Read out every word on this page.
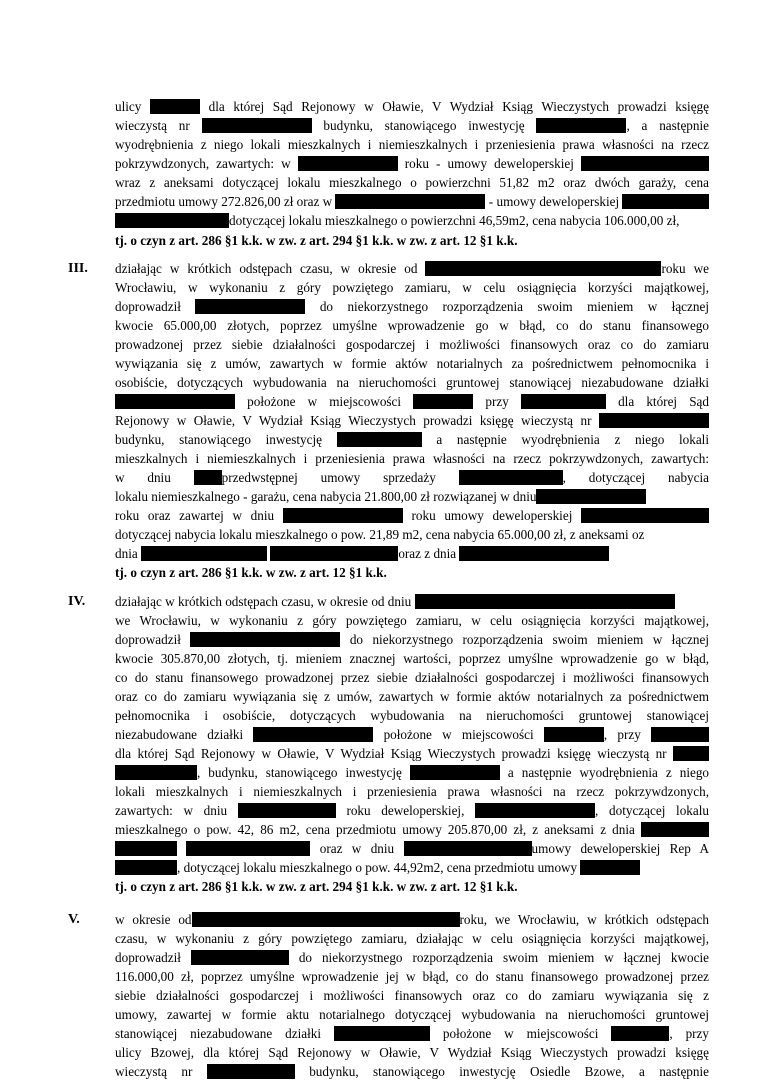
ulicy	dla której Sąd Rejonowy w Oławie, V Wydział Ksiąg Wieczystych prowadzi księgę
wieczystą nr	budynku, stanowiącego inwestycję	, a następnie
wyodrębnienia z niego lokali mieszkalnych i niemieszkalnych i przeniesienia prawa własności na rzecz
pokrzywdzonych, zawartych: w	roku - umowy deweloperskiej
wraz z aneksami dotyczącej lokalu mieszkalnego o powierzchni 51,82 m2 oraz dwóch garaży, cena
przedmiotu umowy 272.826,00 zł oraz w	- umowy deweloperskiej
dotyczącej lokalu mieszkalnego o powierzchni 46,59m2, cena nabycia 106.000,00 zł,
tj. o czyn z art. 286 §1 k.k. w zw. z art. 294 §1 k.k. w zw. z art. 12 §1 k.k.
III. działając w krótkich odstępach czasu, w okresie od	roku we
Wrocławiu, w wykonaniu z góry powziętego zamiaru, w celu osiągnięcia korzyści majątkowej,
doprowadził	do niekorzystnego rozporządzenia swoim mieniem w łącznej
kwocie 65.000,00 złotych, poprzez umyślne wprowadzenie go w błąd, co do stanu finansowego
prowadzonej przez siebie działalności gospodarczej i możliwości finansowych oraz co do zamiaru
wywiązania się z umów, zawartych w formie aktów notarialnych za pośrednictwem pełnomocnika i
osobiście, dotyczących wybudowania na nieruchomości gruntowej stanowiącej niezabudowane działki
położone w miejscowości	przy	dla której Sąd
Rejonowy w Oławie, V Wydział Ksiąg Wieczystych prowadzi księgę wieczystą nr
budynku, stanowiącego inwestycję	a następnie wyodrębnienia z niego lokali
mieszkalnych i niemieszkalnych i przeniesienia prawa własności na rzecz pokrzywdzonych, zawartych:
w dniu	przedwstępnej umowy sprzedaży	, dotyczącej nabycia
lokalu niemieszkalnego - garażu, cena nabycia 21.800,00 zł rozwiązanej w dniu
roku oraz zawartej w dniu	roku umowy deweloperskiej
dotyczącej nabycia lokalu mieszkalnego o pow. 21,89 m2, cena nabycia 65.000,00 zł, z aneksami oz
dnia	oraz z dnia
tj. o czyn z art. 286 §1 k.k. w zw. z art. 12 §1 k.k.
IV. działając w krótkich odstępach czasu, w okresie od dniu
we Wrocławiu, w wykonaniu z góry powziętego zamiaru, w celu osiągnięcia korzyści majątkowej,
doprowadził	do niekorzystnego rozporządzenia swoim mieniem w łącznej
kwocie 305.870,00 złotych, tj. mieniem znacznej wartości, poprzez umyślne wprowadzenie go w błąd,
co do stanu finansowego prowadzonej przez siebie działalności gospodarczej i możliwości finansowych
oraz co do zamiaru wywiązania się z umów, zawartych w formie aktów notarialnych za pośrednictwem
pełnomocnika i osobiście, dotyczących wybudowania na nieruchomości gruntowej stanowiącej
niezabudowane działki	położone w miejscowości	, przy
dla której Sąd Rejonowy w Oławie, V Wydział Ksiąg Wieczystych prowadzi księgę wieczystą nr
, budynku, stanowiącego inwestycję	a następnie wyodrębnienia z niego
lokali mieszkalnych i niemieszkalnych i przeniesienia prawa własności na rzecz pokrzywdzonych,
zawartych: w dniu	roku deweloperskiej,	, dotyczącej lokalu
mieszkalnego o pow. 42, 86 m2, cena przedmiotu umowy 205.870,00 zł, z aneksami z dnia
oraz w dniu	umowy deweloperskiej Rep A
, dotyczącej lokalu mieszkalnego o pow. 44,92m2, cena przedmiotu umowy
tj. o czyn z art. 286 §1 k.k. w zw. z art. 294 §1 k.k. w zw. z art. 12 §1 k.k.
V.	w okresie od	roku, we Wrocławiu, w krótkich odstępach
czasu, w wykonaniu z góry powziętego zamiaru, działając w celu osiągnięcia korzyści majątkowej,
doprowadził	do niekorzystnego rozporządzenia swoim mieniem w łącznej kwocie
116.000,00 zł, poprzez umyślne wprowadzenie jej w błąd, co do stanu finansowego prowadzonej przez
siebie działalności gospodarczej i możliwości finansowych oraz co do zamiaru wywiązania się z
umowy, zawartej w formie aktu notarialnego dotyczącej wybudowania na nieruchomości gruntowej
stanowiącej niezabudowane działki	położone w miejscowości	, przy
ulicy Bzowej, dla której Sąd Rejonowy w Oławie, V Wydział Ksiąg Wieczystych prowadzi księgę
wieczystą nr	budynku, stanowiącego inwestycję Osiedle Bzowe, a następnie
